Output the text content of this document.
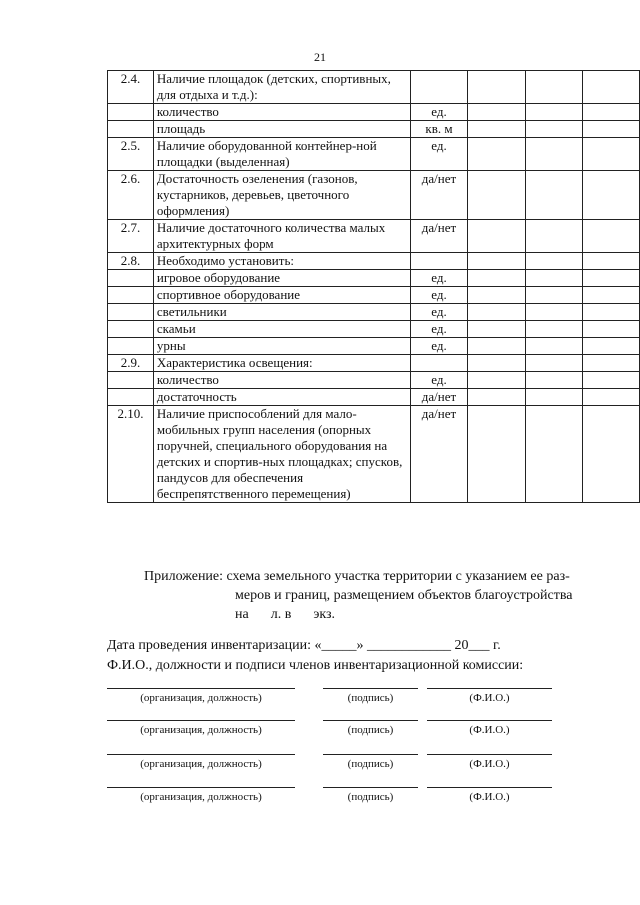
21
2.4.	Наличие площадок (детских, спортивных, для отдыха и т.д.):				
	количество	ед.			
	площадь	кв. м			
2.5.	Наличие оборудованной контейнер-ной площадки (выделенная)	ед.			
2.6.	Достаточность озеленения (газонов, кустарников, деревьев, цветочного оформления)	да/нет			
2.7.	Наличие достаточного количества малых архитектурных форм	да/нет			
2.8.	Необходимо установить:				
	игровое оборудование	ед.			
	спортивное оборудование	ед.			
	светильники	ед.			
	скамьи	ед.			
	урны	ед.			
2.9.	Характеристика освещения:				
	количество	ед.			
	достаточность	да/нет			
2.10.	Наличие приспособлений для мало-мобильных групп населения (опорных поручней, специального оборудования на детских и спортив-ных площадках; спусков, пандусов для обеспечения беспрепятственного перемещения)	да/нет			
Приложение: схема земельного участка территории с указанием ее раз-
меров и границ, размещением объектов благоустройства
на л. в экз.
Дата проведения инвентаризации: «_____» ____________ 20___ г.
Ф.И.О., должности и подписи членов инвентаризационной комиссии:
(организация, должность)	(подпись)	(Ф.И.О.)
(организация, должность)	(подпись)	(Ф.И.О.)
(организация, должность)	(подпись)	(Ф.И.О.)
(организация, должность)	(подпись)	(Ф.И.О.)
